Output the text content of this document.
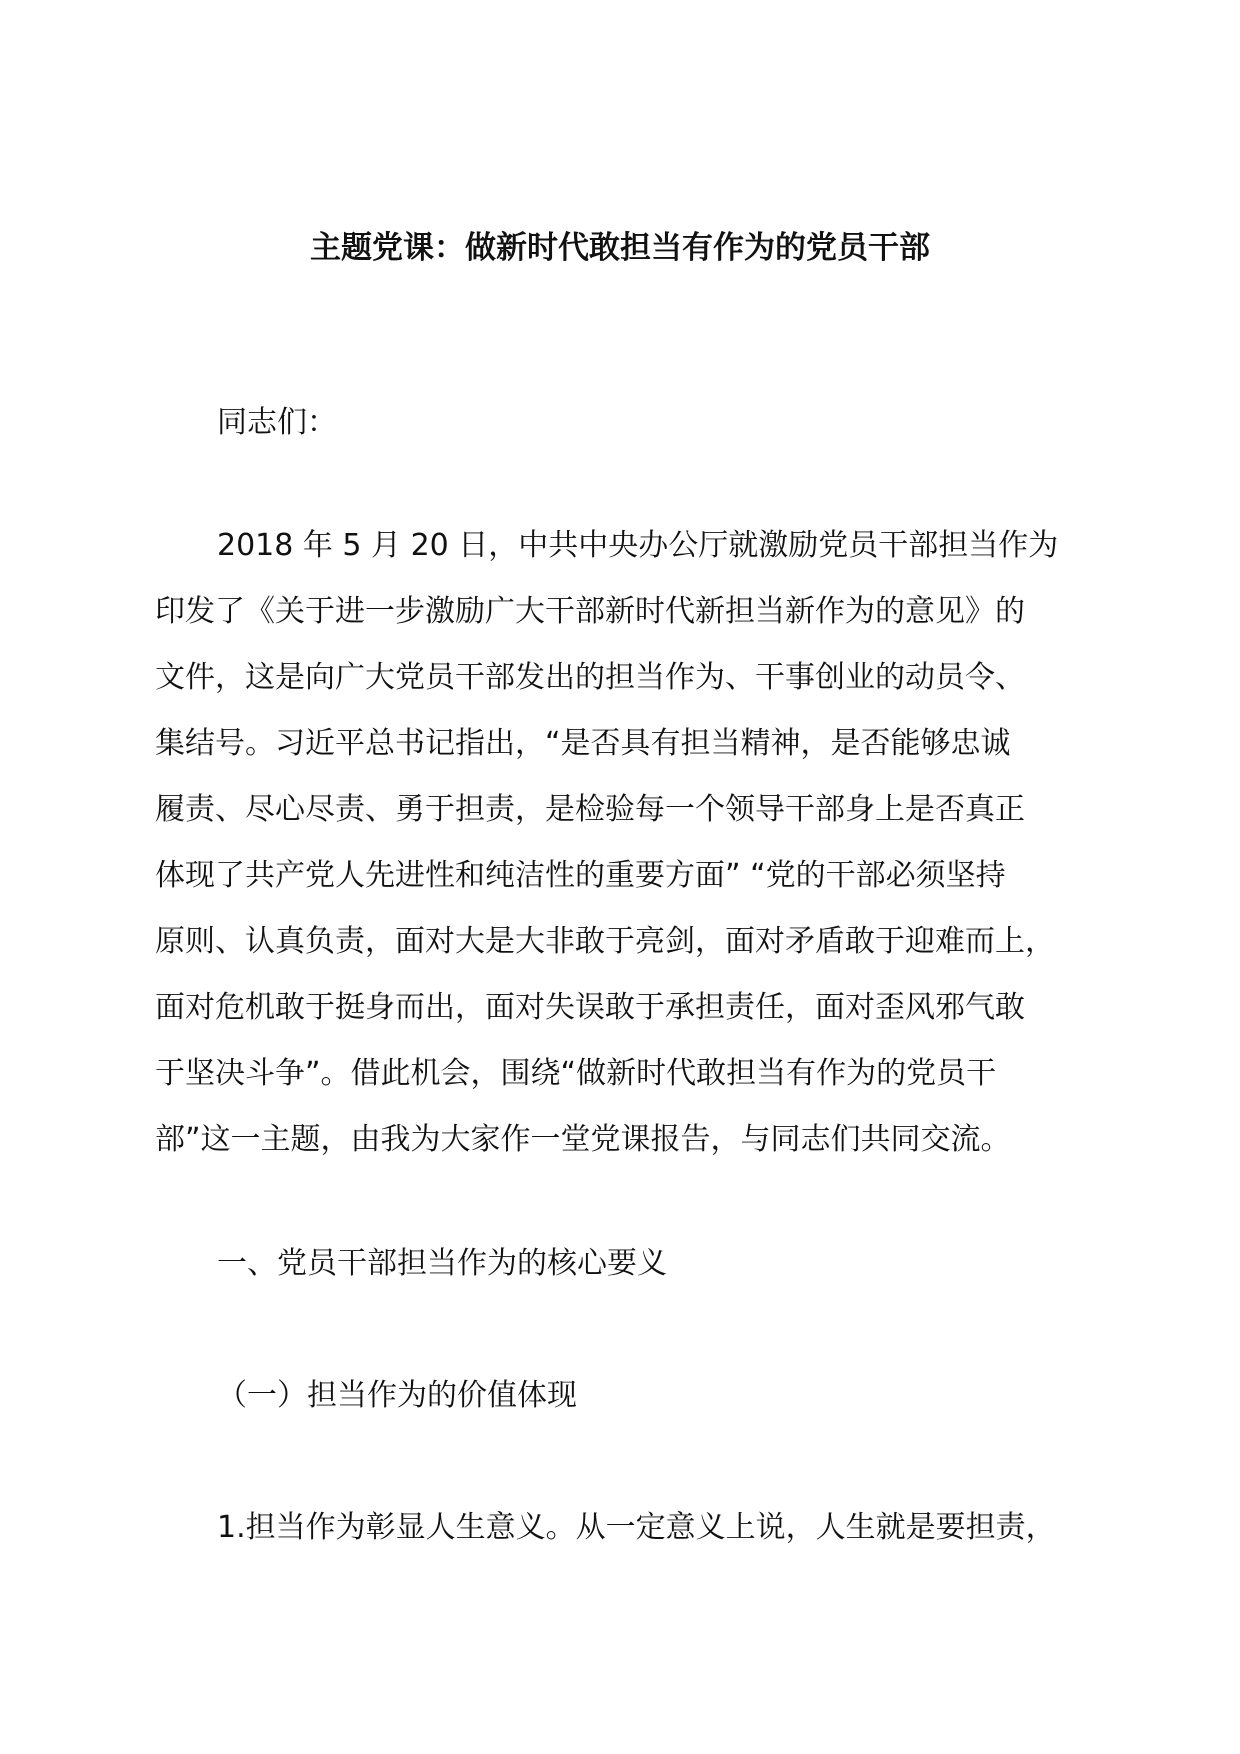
主题党课：做新时代敢担当有作为的党员干部
同志们：
2018 年 5 月 20 日，中共中央办公厅就激励党员干部担当作为
印发了《关于进一步激励广大干部新时代新担当新作为的意见》的
文件，这是向广大党员干部发出的担当作为、干事创业的动员令、
集结号。习近平总书记指出，“是否具有担当精神，是否能够忠诚
履责、尽心尽责、勇于担责，是检验每一个领导干部身上是否真正
体现了共产党人先进性和纯洁性的重要方面” “党的干部必须坚持
原则、认真负责，面对大是大非敢于亮剑，面对矛盾敢于迎难而上，
面对危机敢于挺身而出，面对失误敢于承担责任，面对歪风邪气敢
于坚决斗争”。借此机会，围绕“做新时代敢担当有作为的党员干
部”这一主题，由我为大家作一堂党课报告，与同志们共同交流。
一、党员干部担当作为的核心要义
（一）担当作为的价值体现
1.担当作为彰显人生意义。从一定意义上说，人生就是要担责，
